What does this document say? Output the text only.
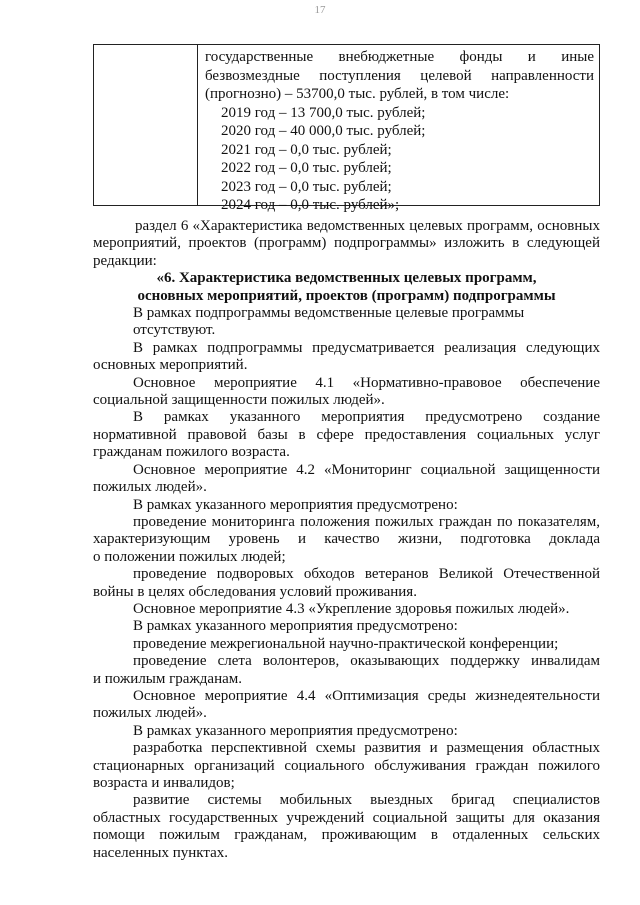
17
государственные внебюджетные фонды и иные
безвозмездные поступления целевой направленности
(прогнозно) – 53700,0 тыс. рублей, в том числе:
2019 год – 13 700,0 тыс. рублей;
2020 год – 40 000,0 тыс. рублей;
2021 год – 0,0 тыс. рублей;
2022 год – 0,0 тыс. рублей;
2023 год – 0,0 тыс. рублей;
2024 год – 0,0 тыс. рублей»;
раздел 6 «Характеристика ведомственных целевых программ, основных
мероприятий, проектов (программ) подпрограммы» изложить в следующей
редакции:
«6. Характеристика ведомственных целевых программ,
основных мероприятий, проектов (программ) подпрограммы
В рамках подпрограммы ведомственные целевые программы отсутствуют.
В рамках подпрограммы предусматривается реализация следующих
основных мероприятий.
Основное мероприятие 4.1 «Нормативно-правовое обеспечение
социальной защищенности пожилых людей».
В рамках указанного мероприятия предусмотрено создание
нормативной правовой базы в сфере предоставления социальных услуг
гражданам пожилого возраста.
Основное мероприятие 4.2 «Мониторинг социальной защищенности
пожилых людей».
В рамках указанного мероприятия предусмотрено:
проведение мониторинга положения пожилых граждан по показателям,
характеризующим уровень и качество жизни, подготовка доклада
о положении пожилых людей;
проведение подворовых обходов ветеранов Великой Отечественной
войны в целях обследования условий проживания.
Основное мероприятие 4.3 «Укрепление здоровья пожилых людей».
В рамках указанного мероприятия предусмотрено:
проведение межрегиональной научно-практической конференции;
проведение слета волонтеров, оказывающих поддержку инвалидам
и пожилым гражданам.
Основное мероприятие 4.4 «Оптимизация среды жизнедеятельности
пожилых людей».
В рамках указанного мероприятия предусмотрено:
разработка перспективной схемы развития и размещения областных
стационарных организаций социального обслуживания граждан пожилого
возраста и инвалидов;
развитие системы мобильных выездных бригад специалистов
областных государственных учреждений социальной защиты для оказания
помощи пожилым гражданам, проживающим в отдаленных сельских
населенных пунктах.
